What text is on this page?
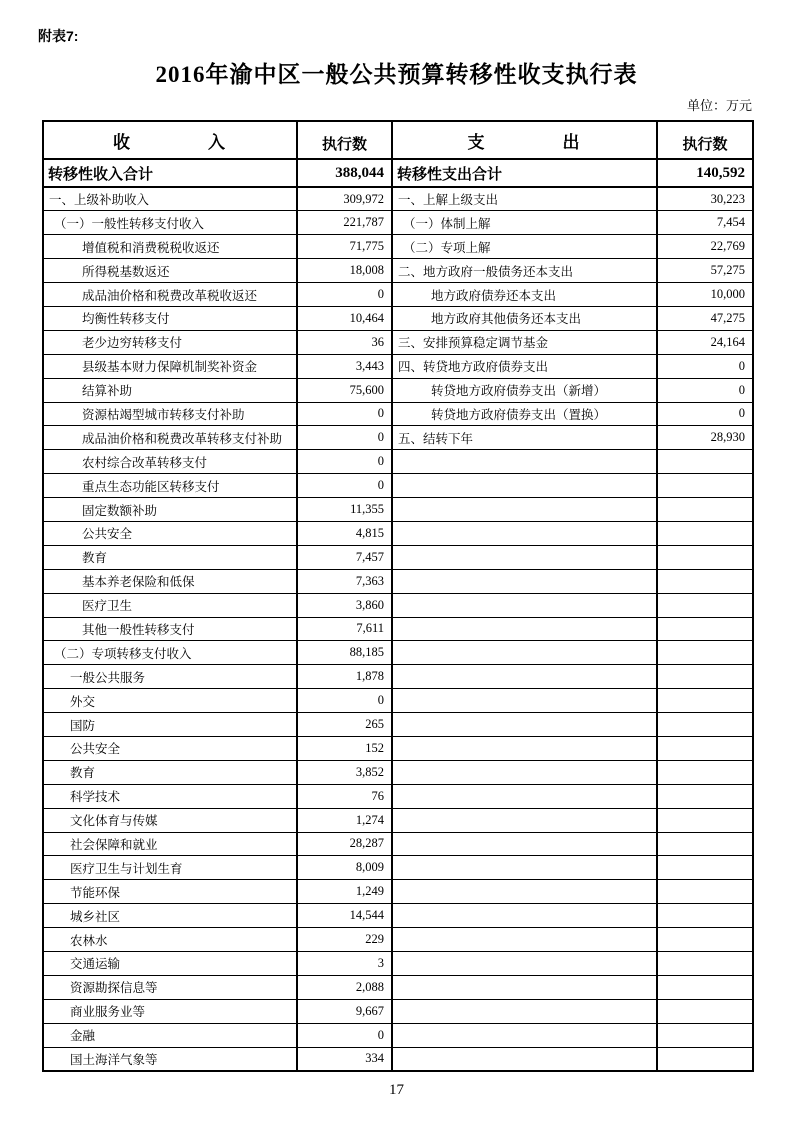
附表7:
2016年渝中区一般公共预算转移性收支执行表
单位：万元
收　　　　入	执行数	支　　　　出	执行数
转移性收入合计	388,044	转移性支出合计	140,592
一、上级补助收入	309,972	一、上解上级支出	30,223
（一）一般性转移支付收入	221,787	（一）体制上解	7,454
增值税和消费税税收返还	71,775	（二）专项上解	22,769
所得税基数返还	18,008	二、地方政府一般债务还本支出	57,275
成品油价格和税费改革税收返还	0	地方政府债券还本支出	10,000
均衡性转移支付	10,464	地方政府其他债务还本支出	47,275
老少边穷转移支付	36	三、安排预算稳定调节基金	24,164
县级基本财力保障机制奖补资金	3,443	四、转贷地方政府债券支出	0
结算补助	75,600	转贷地方政府债券支出（新增）	0
资源枯竭型城市转移支付补助	0	转贷地方政府债券支出（置换）	0
成品油价格和税费改革转移支付补助	0	五、结转下年	28,930
农村综合改革转移支付	0		
重点生态功能区转移支付	0		
固定数额补助	11,355		
公共安全	4,815		
教育	7,457		
基本养老保险和低保	7,363		
医疗卫生	3,860		
其他一般性转移支付	7,611		
（二）专项转移支付收入	88,185		
一般公共服务	1,878		
外交	0		
国防	265		
公共安全	152		
教育	3,852		
科学技术	76		
文化体育与传媒	1,274		
社会保障和就业	28,287		
医疗卫生与计划生育	8,009		
节能环保	1,249		
城乡社区	14,544		
农林水	229		
交通运输	3		
资源勘探信息等	2,088		
商业服务业等	9,667		
金融	0		
国土海洋气象等	334		
17
